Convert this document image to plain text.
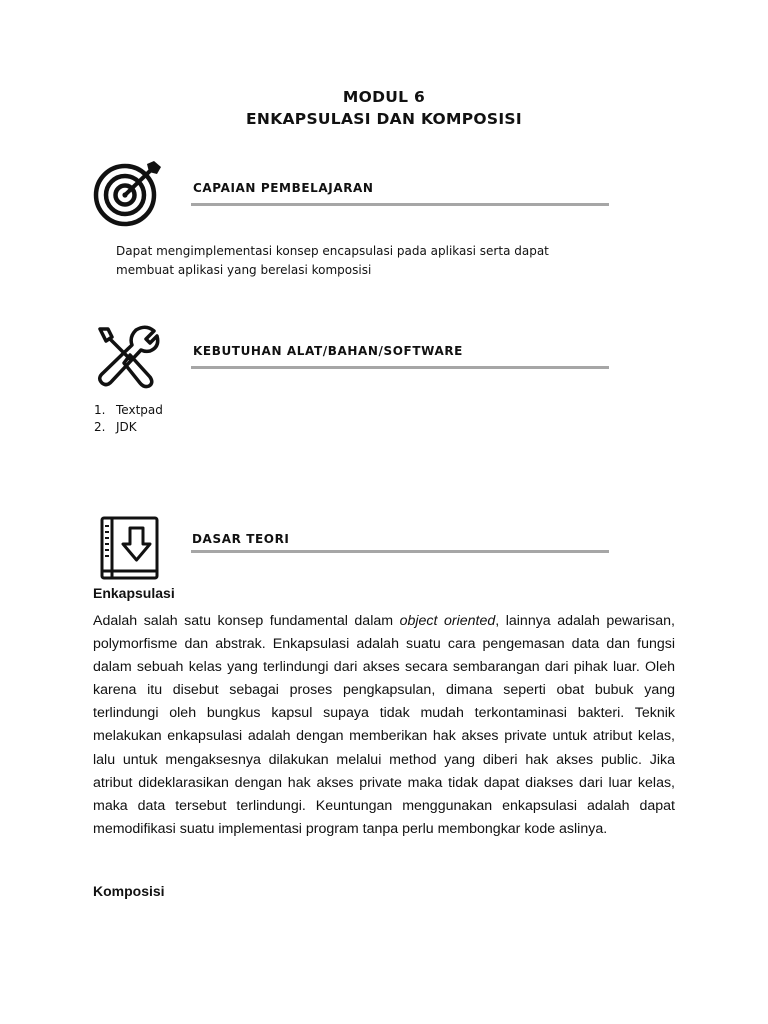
MODUL 6
ENKAPSULASI DAN KOMPOSISI
CAPAIAN PEMBELAJARAN
Dapat mengimplementasi konsep encapsulasi pada aplikasi serta dapat
membuat aplikasi yang berelasi komposisi
KEBUTUHAN ALAT/BAHAN/SOFTWARE
1. Textpad
2. JDK
DASAR TEORI
Enkapsulasi
Adalah salah satu konsep fundamental dalam object oriented, lainnya adalah pewarisan, polymorfisme dan abstrak. Enkapsulasi adalah suatu cara pengemasan data dan fungsi dalam sebuah kelas yang terlindungi dari akses secara sembarangan dari pihak luar. Oleh karena itu disebut sebagai proses pengkapsulan, dimana seperti obat bubuk yang terlindungi oleh bungkus kapsul supaya tidak mudah terkontaminasi bakteri. Teknik melakukan enkapsulasi adalah dengan memberikan hak akses private untuk atribut kelas, lalu untuk mengaksesnya dilakukan melalui method yang diberi hak akses public. Jika atribut dideklarasikan dengan hak akses private maka tidak dapat diakses dari luar kelas, maka data tersebut terlindungi. Keuntungan menggunakan enkapsulasi adalah dapat memodifikasi suatu implementasi program tanpa perlu membongkar kode aslinya.
Komposisi
